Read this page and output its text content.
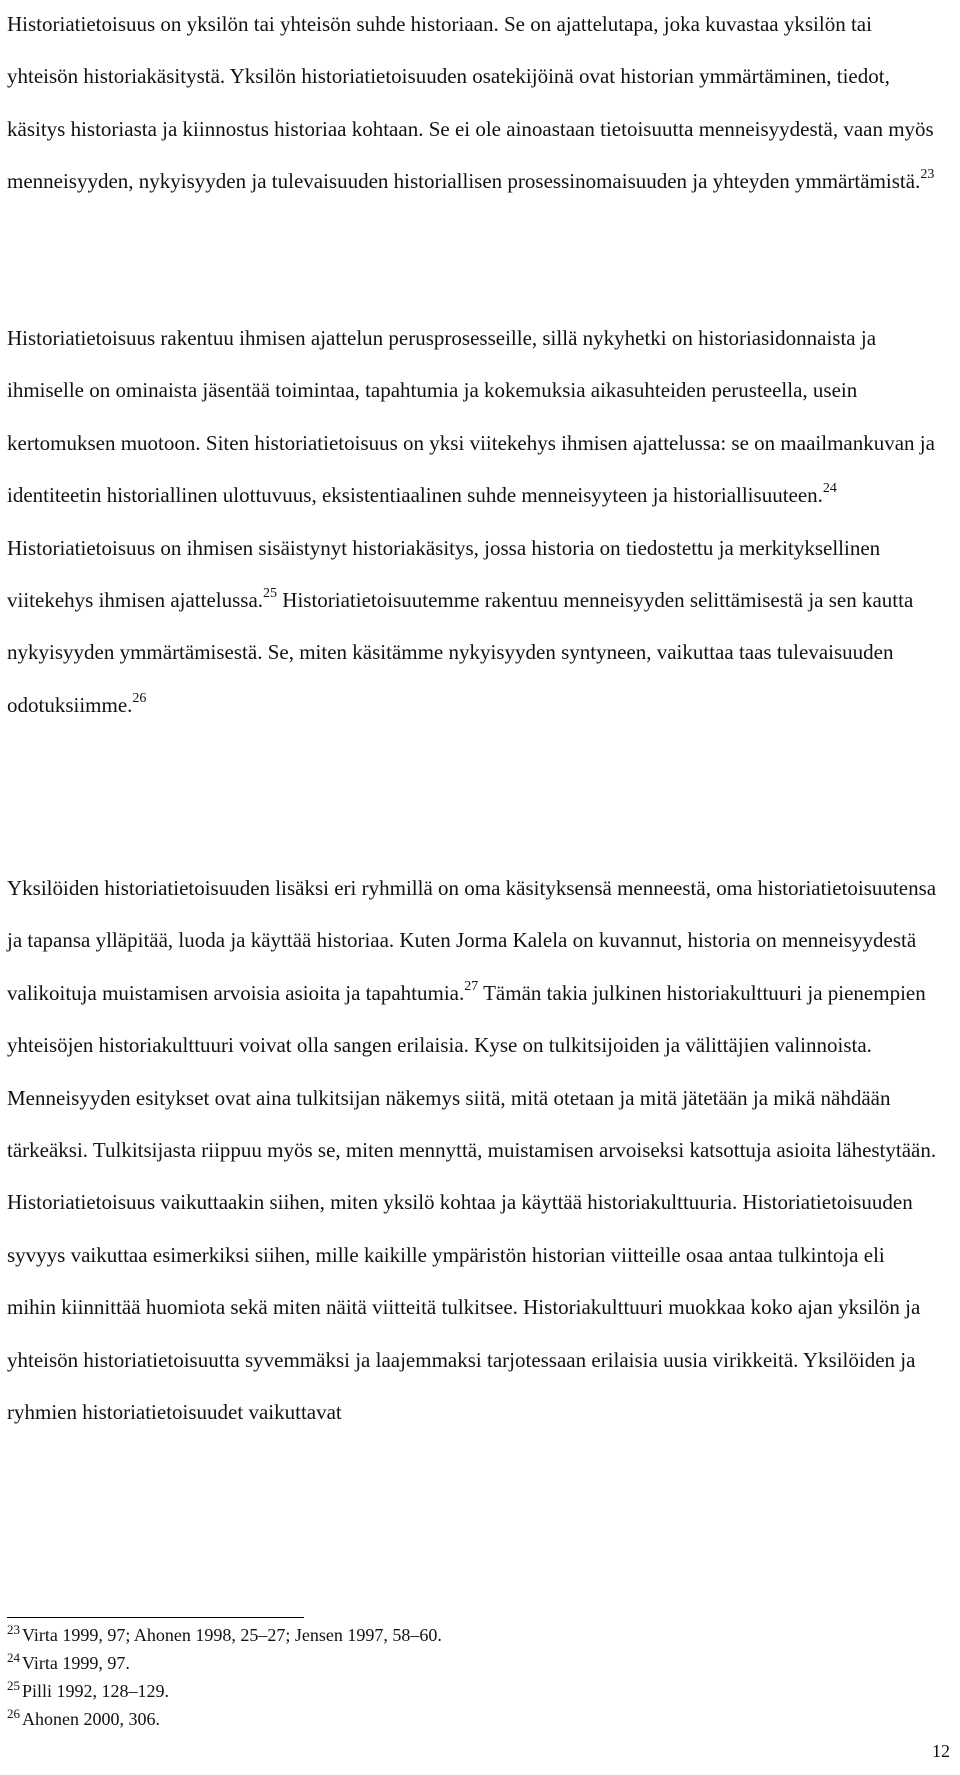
Historiatietoisuus on yksilön tai yhteisön suhde historiaan. Se on ajattelutapa, joka kuvastaa yksilön tai yhteisön historiakäsitystä. Yksilön historiatietoisuuden osatekijöinä ovat historian ymmärtäminen, tiedot, käsitys historiasta ja kiinnostus historiaa kohtaan. Se ei ole ainoastaan tietoisuutta menneisyydestä, vaan myös menneisyyden, nykyisyyden ja tulevaisuuden historiallisen prosessinomaisuuden ja yhteyden ymmärtämistä.$^{23}$

Historiatietoisuus rakentuu ihmisen ajattelun perusprosesseille, sillä nykyhetki on historiasidonnaista ja ihmiselle on ominaista jäsentää toimintaa, tapahtumia ja kokemuksia aikasuhteiden perusteella, usein kertomuksen muotoon. Siten historiatietoisuus on yksi viitekehys ihmisen ajattelussa: se on maailmankuvan ja identiteetin historiallinen ulottuvuus, eksistentiaalinen suhde menneisyyteen ja historiallisuuteen.$^{24}$ Historiatietoisuus on ihmisen sisäistynyt historiakäsitys, jossa historia on tiedostettu ja merkityksellinen viitekehys ihmisen ajattelussa.$^{25}$ Historiatietoisuutemme rakentuu menneisyyden selittämisestä ja sen kautta nykyisyyden ymmärtämisestä. Se, miten käsitämme nykyisyyden syntyneen, vaikuttaa taas tulevaisuuden odotuksiimme.$^{26}$

Yksilöiden historiatietoisuuden lisäksi eri ryhmillä on oma käsityksensä menneestä, oma historiatietoisuutensa ja tapansa ylläpitää, luoda ja käyttää historiaa. Kuten Jorma Kalela on kuvannut, historia on menneisyydestä valikoituja muistamisen arvoisia asioita ja tapahtumia.$^{27}$ Tämän takia julkinen historiakulttuuri ja pienempien yhteisöjen historiakulttuuri voivat olla sangen erilaisia. Kyse on tulkitsijoiden ja välittäjien valinnoista. Menneisyyden esitykset ovat aina tulkitsijan näkemys siitä, mitä otetaan ja mitä jätetään ja mikä nähdään tärkeäksi. Tulkitsijasta riippuu myös se, miten mennyttä, muistamisen arvoiseksi katsottuja asioita lähestytään. Historiatietoisuus vaikuttaakin siihen, miten yksilö kohtaa ja käyttää historiakulttuuria. Historiatietoisuuden syvyys vaikuttaa esimerkiksi siihen, mille kaikille ympäristön historian viitteille osaa antaa tulkintoja eli mihin kiinnittää huomiota sekä miten näitä viitteitä tulkitsee. Historiakulttuuri muokkaa koko ajan yksilön ja yhteisön historiatietoisuutta syvemmäksi ja laajemmaksi tarjotessaan erilaisia uusia virikkeitä. Yksilöiden ja ryhmien historiatietoisuudet vaikuttavat

$^{23}$ Virta 1999, 97; Ahonen 1998, 25–27; Jensen 1997, 58–60.
$^{24}$ Virta 1999, 97.
$^{25}$ Pilli 1992, 128–129.
$^{26}$ Ahonen 2000, 306.
12
